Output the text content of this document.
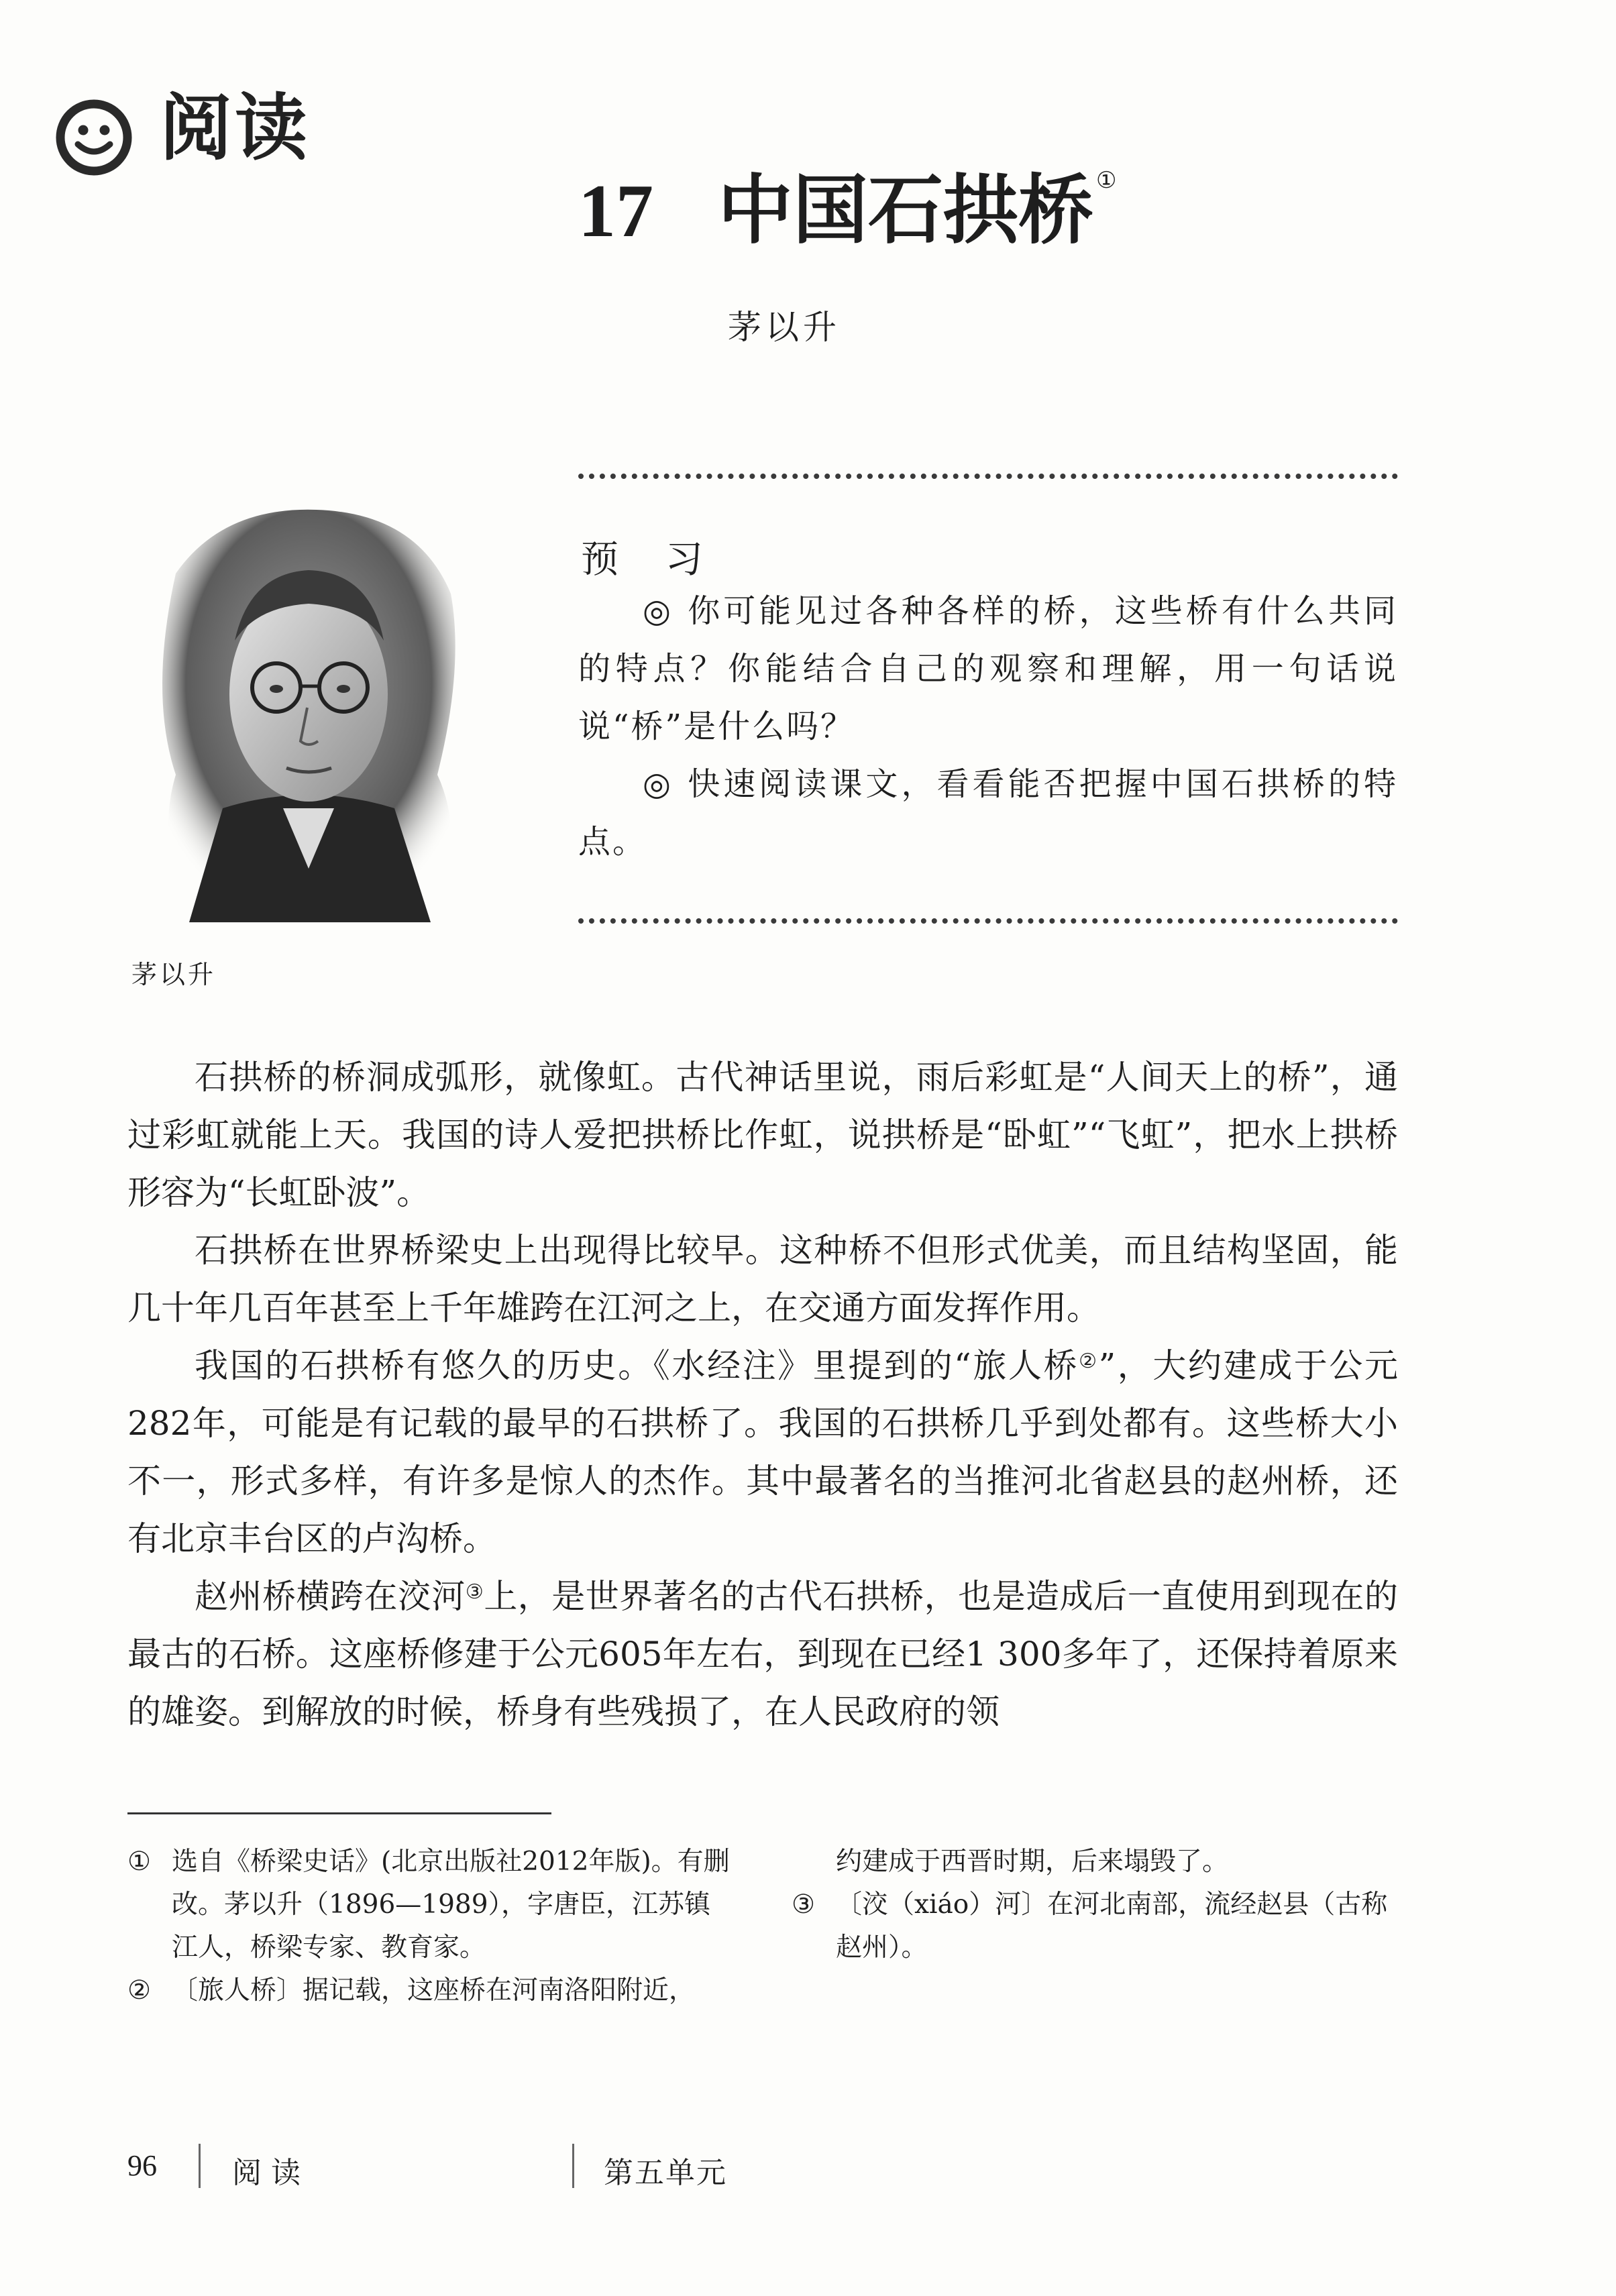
阅读
17 中国石拱桥 ①
茅以升
茅以升
预 习

◎ 你可能见过各种各样的桥，这些桥有什么共同的特点？你能结合自己的观察和理解，用一句话说说“桥”是什么吗？

◎ 快速阅读课文，看看能否把握中国石拱桥的特点。

石拱桥的桥洞成弧形，就像虹。古代神话里说，雨后彩虹是“人间天上的桥”，通过彩虹就能上天。我国的诗人爱把拱桥比作虹，说拱桥是“卧虹”“飞虹”，把水上拱桥形容为“长虹卧波”。

石拱桥在世界桥梁史上出现得比较早。这种桥不但形式优美，而且结构坚固，能几十年几百年甚至上千年雄跨在江河之上，在交通方面发挥作用。

我国的石拱桥有悠久的历史。《水经注》里提到的“旅人桥②”，大约建成于公元282年，可能是有记载的最早的石拱桥了。我国的石拱桥几乎到处都有。这些桥大小不一，形式多样，有许多是惊人的杰作。其中最著名的当推河北省赵县的赵州桥，还有北京丰台区的卢沟桥。

赵州桥横跨在洨河③上，是世界著名的古代石拱桥，也是造成后一直使用到现在的最古的石桥。这座桥修建于公元605年左右，到现在已经1 300多年了，还保持着原来的雄姿。到解放的时候，桥身有些残损了，在人民政府的领

① 选自《桥梁史话》(北京出版社2012年版)。有删改。茅以升（1896—1989），字唐臣，江苏镇江人，桥梁专家、教育家。

② 〔旅人桥〕据记载，这座桥在河南洛阳附近，

约建成于西晋时期，后来塌毁了。

③ 〔洨（xiáo）河〕在河北南部，流经赵县（古称赵州）。

96	阅读	第五单元
